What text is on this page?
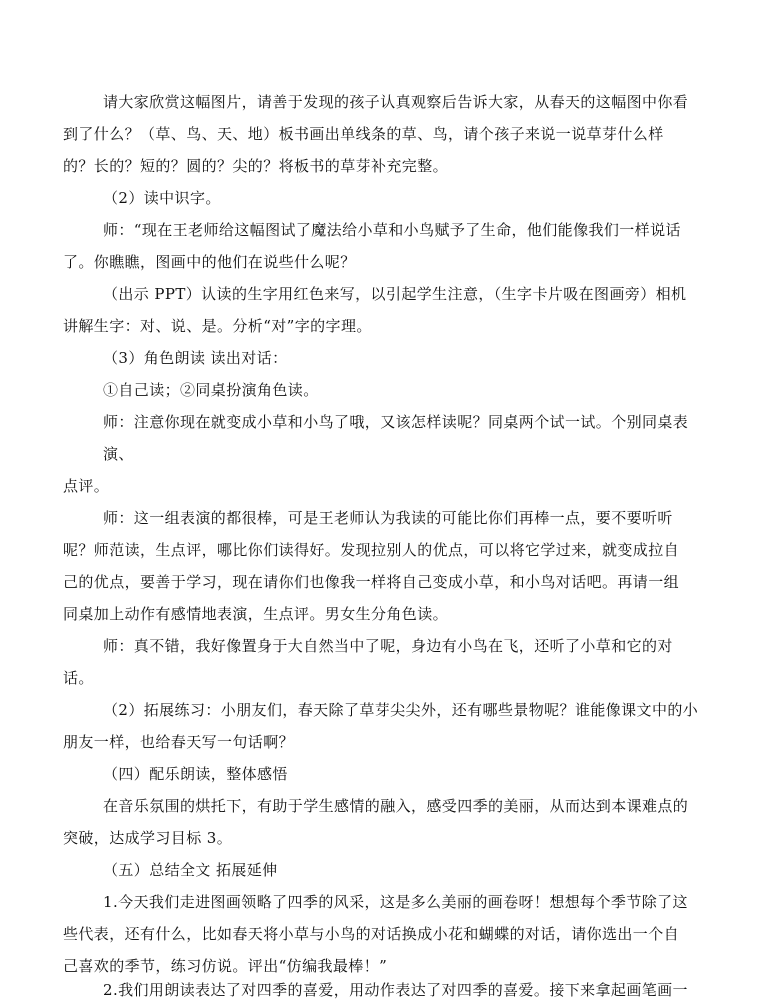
请大家欣赏这幅图片，请善于发现的孩子认真观察后告诉大家，从春天的这幅图中你看
到了什么？（草、鸟、天、地）板书画出单线条的草、鸟，请个孩子来说一说草芽什么样
的？长的？短的？圆的？尖的？将板书的草芽补充完整。
（2）读中识字。
师：“现在王老师给这幅图试了魔法给小草和小鸟赋予了生命，他们能像我们一样说话
了。你瞧瞧，图画中的他们在说些什么呢？
（出示 PPT）认读的生字用红色来写，以引起学生注意，（生字卡片吸在图画旁）相机
讲解生字：对、说、是。分析“对”字的字理。
（3）角色朗读 读出对话：
①自己读；②同桌扮演角色读。
师：注意你现在就变成小草和小鸟了哦，又该怎样读呢？同桌两个试一试。个别同桌表
演、
点评。
师：这一组表演的都很棒，可是王老师认为我读的可能比你们再棒一点，要不要听听
呢？师范读，生点评，哪比你们读得好。发现拉别人的优点，可以将它学过来，就变成拉自
己的优点，要善于学习，现在请你们也像我一样将自己变成小草，和小鸟对话吧。再请一组
同桌加上动作有感情地表演，生点评。男女生分角色读。
师：真不错，我好像置身于大自然当中了呢，身边有小鸟在飞，还听了小草和它的对
话。
（2）拓展练习：小朋友们，春天除了草芽尖尖外，还有哪些景物呢？谁能像课文中的小
朋友一样，也给春天写一句话啊？
（四）配乐朗读，整体感悟
在音乐氛围的烘托下，有助于学生感情的融入，感受四季的美丽，从而达到本课难点的
突破，达成学习目标 3。
（五）总结全文 拓展延伸
1.今天我们走进图画领略了四季的风采，这是多么美丽的画卷呀！想想每个季节除了这
些代表，还有什么，比如春天将小草与小鸟的对话换成小花和蝴蝶的对话，请你选出一个自
己喜欢的季节，练习仿说。评出“仿编我最棒！”
2.我们用朗读表达了对四季的喜爱，用动作表达了对四季的喜爱。接下来拿起画笔画一
